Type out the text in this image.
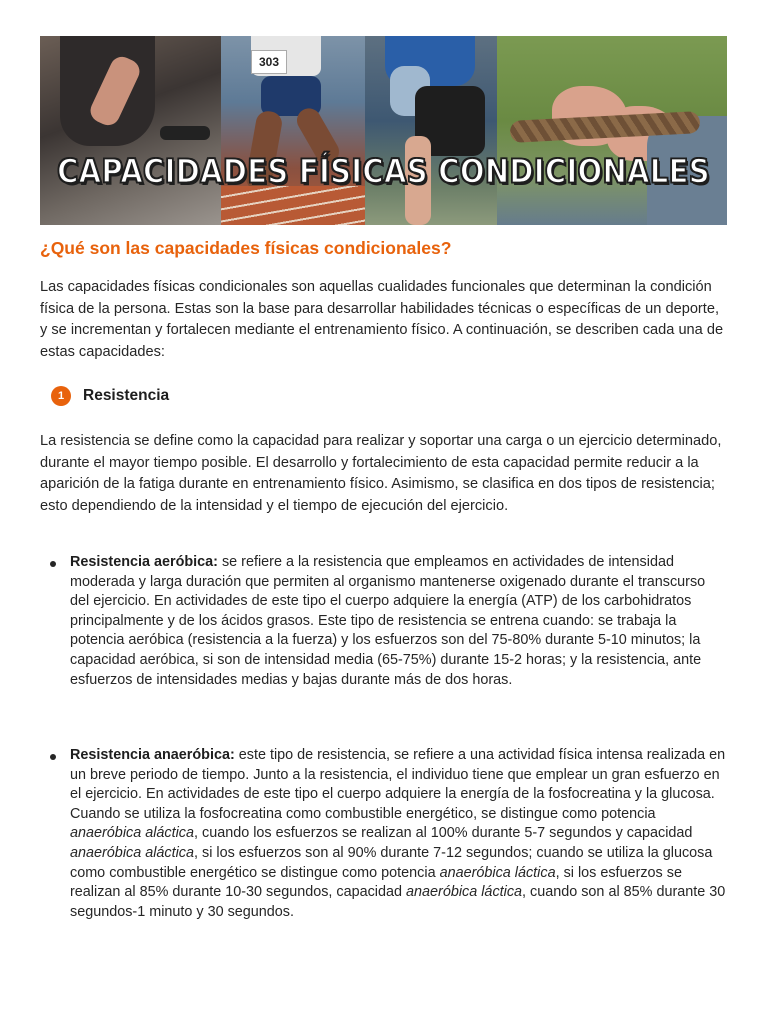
303
CAPACIDADES FÍSICAS CONDICIONALES
¿Qué son las capacidades físicas condicionales?

Las capacidades físicas condicionales son aquellas cualidades funcionales que determinan la condición física de la persona. Estas son la base para desarrollar habilidades técnicas o específicas de un deporte, y se incrementan y fortalecen mediante el entrenamiento físico. A continuación, se describen cada una de estas capacidades:

1	Resistencia

La resistencia se define como la capacidad para realizar y soportar una carga o un ejercicio determinado, durante el mayor tiempo posible. El desarrollo y fortalecimiento de esta capacidad permite reducir a la aparición de la fatiga durante en entrenamiento físico. Asimismo, se clasifica en dos tipos de resistencia; esto dependiendo de la intensidad y el tiempo de ejecución del ejercicio.

Resistencia aeróbica: se refiere a la resistencia que empleamos en actividades de intensidad moderada y larga duración que permiten al organismo mantenerse oxigenado durante el transcurso del ejercicio. En actividades de este tipo el cuerpo adquiere la energía (ATP) de los carbohidratos principalmente y de los ácidos grasos. Este tipo de resistencia se entrena cuando: se trabaja la potencia aeróbica (resistencia a la fuerza) y los esfuerzos son del 75-80% durante 5-10 minutos; la capacidad aeróbica, si son de intensidad media (65-75%) durante 15-2 horas; y la resistencia, ante esfuerzos de intensidades medias y bajas durante más de dos horas.

Resistencia anaeróbica: este tipo de resistencia, se refiere a una actividad física intensa realizada en un breve periodo de tiempo. Junto a la resistencia, el individuo tiene que emplear un gran esfuerzo en el ejercicio. En actividades de este tipo el cuerpo adquiere la energía de la fosfocreatina y la glucosa. Cuando se utiliza la fosfocreatina como combustible energético, se distingue como potencia anaeróbica aláctica, cuando los esfuerzos se realizan al 100% durante 5-7 segundos y capacidad anaeróbica aláctica, si los esfuerzos son al 90% durante 7-12 segundos; cuando se utiliza la glucosa como combustible energético se distingue como potencia anaeróbica láctica, si los esfuerzos se realizan al 85% durante 10-30 segundos, capacidad anaeróbica láctica, cuando son al 85% durante 30 segundos-1 minuto y 30 segundos.
